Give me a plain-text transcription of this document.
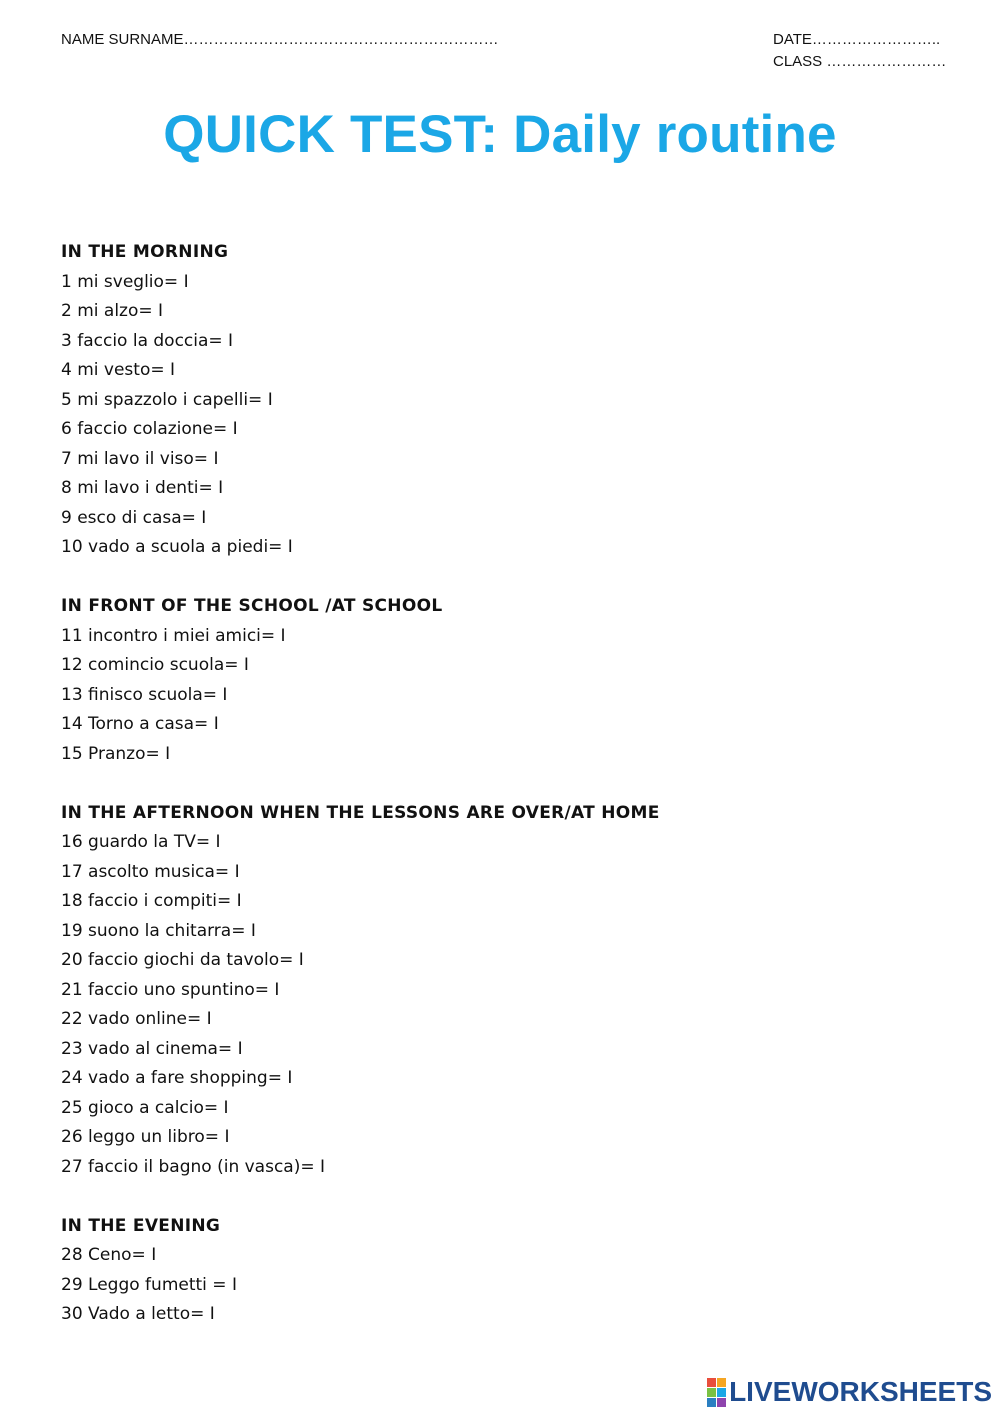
NAME SURNAME………………………………………………………	DATE……………………..
CLASS ……………………
QUICK TEST: Daily routine
IN THE MORNING
1 mi sveglio= I
2 mi alzo= I
3 faccio la doccia= I
4 mi vesto= I
5 mi spazzolo i capelli= I
6 faccio colazione= I
7 mi lavo il viso= I
8 mi lavo i denti= I
9 esco di casa= I
10 vado a scuola a piedi= I
IN FRONT OF THE SCHOOL /AT SCHOOL
11 incontro i miei amici= I
12 comincio scuola= I
13 finisco scuola= I
14 Torno a casa= I
15 Pranzo= I
IN THE AFTERNOON WHEN THE LESSONS ARE OVER/AT HOME
16 guardo la TV= I
17 ascolto musica= I
18 faccio i compiti= I
19 suono la chitarra= I
20 faccio giochi da tavolo= I
21 faccio uno spuntino= I
22 vado online= I
23 vado al cinema= I
24 vado a fare shopping= I
25 gioco a calcio= I
26 leggo un libro= I
27 faccio il bagno (in vasca)= I
IN THE EVENING
28 Ceno= I
29 Leggo fumetti = I
30 Vado a letto= I
LIVEWORKSHEETS
